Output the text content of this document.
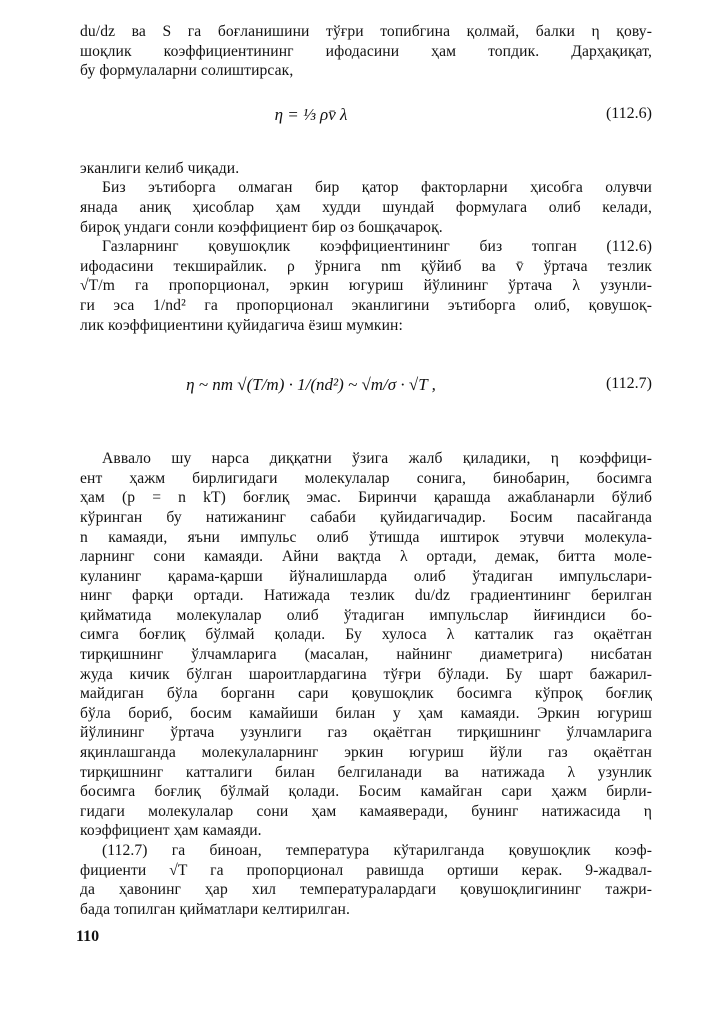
du/dz ва S га боғланишини тўғри топибгина қолмай, балки η қову-
шоқлик коэффициентининг ифодасини ҳам топдик. Дарҳақиқат,
бу формулаларни солиштирсак,
η = ⅓ ρv̄ λ	(112.6)
эканлиги келиб чиқади.
Биз эътиборга олмаган бир қатор факторларни ҳисобга олувчи
янада аниқ ҳисоблар ҳам худди шундай формулага олиб келади,
бироқ ундаги сонли коэффициент бир оз бошқачароқ.
Газларнинг қовушоқлик коэффициентининг биз топган (112.6)
ифодасини текширайлик. ρ ўрнига nm қўйиб ва v̄ ўртача тезлик
√T/m га пропорционал, эркин югуриш йўлининг ўртача λ узунли-
ги эса 1/nd² га пропорционал эканлигини эътиборга олиб, қовушоқ-
лик коэффициентини қуйидагича ёзиш мумкин:
η ~ nm √(T/m) · 1/(nd²) ~ √m/σ · √T ,	(112.7)
Аввало шу нарса диққатни ўзига жалб қиладики, η коэффици-
ент ҳажм бирлигидаги молекулалар сонига, бинобарин, босимга
ҳам (p = n kT) боғлиқ эмас. Биринчи қарашда ажабланарли бўлиб
кўринган бу натижанинг сабаби қуйидагичадир. Босим пасайганда
n камаяди, яъни импульс олиб ўтишда иштирок этувчи молекула-
ларнинг сони камаяди. Айни вақтда λ ортади, демак, битта моле-
куланинг қарама-қарши йўналишларда олиб ўтадиган импульслари-
нинг фарқи ортади. Натижада тезлик du/dz градиентининг берилган
қийматида молекулалар олиб ўтадиган импульслар йиғиндиси бо-
симга боғлиқ бўлмай қолади. Бу хулоса λ катталик газ оқаётган
тирқишнинг ўлчамларига (масалан, найнинг диаметрига) нисбатан
жуда кичик бўлган шароитлардагина тўғри бўлади. Бу шарт бажарил-
майдиган бўла борганн сари қовушоқлик босимга кўпроқ боғлиқ
бўла бориб, босим камайиши билан у ҳам камаяди. Эркин югуриш
йўлининг ўртача узунлиги газ оқаётган тирқишнинг ўлчамларига
яқинлашганда молекулаларнинг эркин югуриш йўли газ оқаётган
тирқишнинг катталиги билан белгиланади ва натижада λ узунлик
босимга боғлиқ бўлмай қолади. Босим камайган сари ҳажм бирли-
гидаги молекулалар сони ҳам камаяверади, бунинг натижасида η
коэффициент ҳам камаяди.
(112.7) га биноан, температура кўтарилганда қовушоқлик коэф-
фициенти √T га пропорционал равишда ортиши керак. 9-жадвал-
да ҳавонинг ҳар хил температуралардаги қовушоқлигининг тажри-
бада топилган қийматлари келтирилган.
110
